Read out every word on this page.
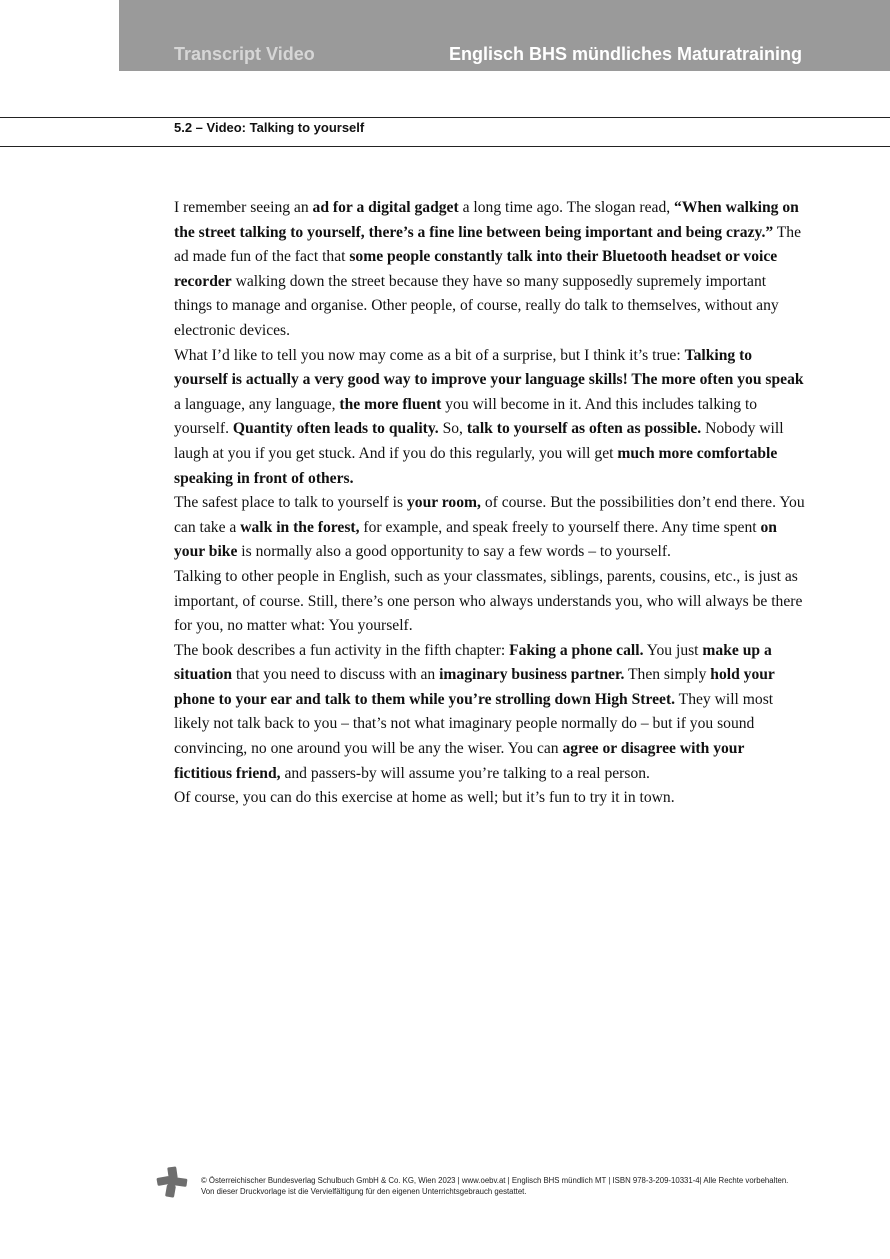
Transcript Video	Englisch BHS mündliches Maturatraining
5.2 – Video: Talking to yourself

I remember seeing an ad for a digital gadget a long time ago. The slogan read, “When walking on the street talking to yourself, there’s a fine line between being important and being crazy.” The ad made fun of the fact that some people constantly talk into their Bluetooth headset or voice recorder walking down the street because they have so many supposedly supremely important things to manage and organise. Other people, of course, really do talk to themselves, without any electronic devices.

What I’d like to tell you now may come as a bit of a surprise, but I think it’s true: Talking to yourself is actually a very good way to improve your language skills! The more often you speak a language, any language, the more fluent you will become in it. And this includes talking to yourself. Quantity often leads to quality. So, talk to yourself as often as possible. Nobody will laugh at you if you get stuck. And if you do this regularly, you will get much more comfortable speaking in front of others.

The safest place to talk to yourself is your room, of course. But the possibilities don’t end there. You can take a walk in the forest, for example, and speak freely to yourself there. Any time spent on your bike is normally also a good opportunity to say a few words – to yourself.

Talking to other people in English, such as your classmates, siblings, parents, cousins, etc., is just as important, of course. Still, there’s one person who always understands you, who will always be there for you, no matter what: You yourself.

The book describes a fun activity in the fifth chapter: Faking a phone call. You just make up a situation that you need to discuss with an imaginary business partner. Then simply hold your phone to your ear and talk to them while you’re strolling down High Street. They will most likely not talk back to you – that’s not what imaginary people normally do – but if you sound convincing, no one around you will be any the wiser. You can agree or disagree with your fictitious friend, and passers-by will assume you’re talking to a real person.

Of course, you can do this exercise at home as well; but it’s fun to try it in town.

© Österreichischer Bundesverlag Schulbuch GmbH & Co. KG, Wien 2023 | www.oebv.at | Englisch BHS mündlich MT | ISBN 978-3-209-10331-4| Alle Rechte vorbehalten.
Von dieser Druckvorlage ist die Vervielfältigung für den eigenen Unterrichtsgebrauch gestattet.
